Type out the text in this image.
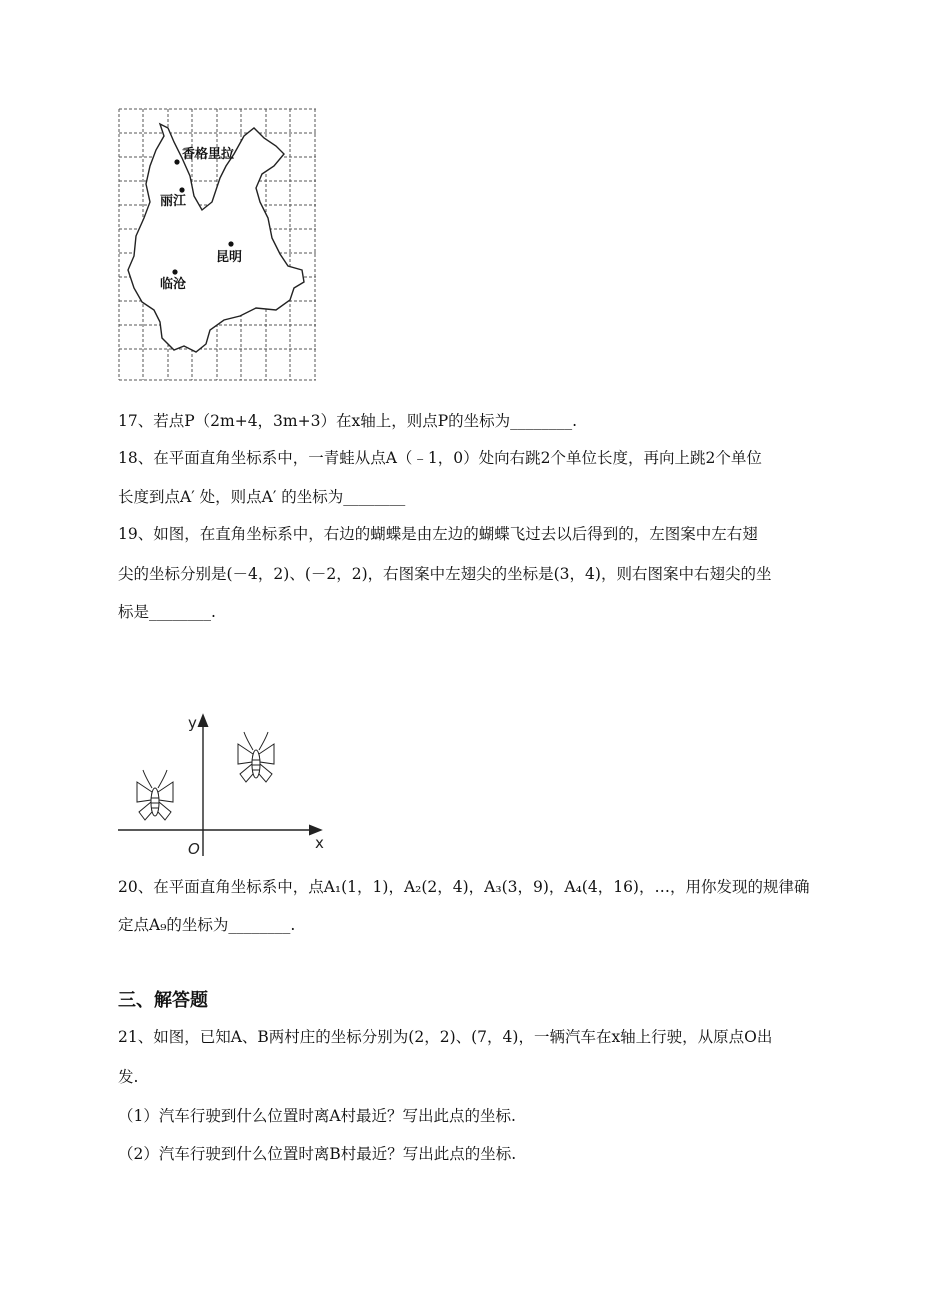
香格里拉
丽江
昆明
临沧
17、若点P（2m+4，3m+3）在x轴上，则点P的坐标为________.
18、在平面直角坐标系中，一青蛙从点A（﹣1，0）处向右跳2个单位长度，再向上跳2个单位
长度到点A′ 处，则点A′ 的坐标为________
19、如图，在直角坐标系中，右边的蝴蝶是由左边的蝴蝶飞过去以后得到的，左图案中左右翅
尖的坐标分别是(－4，2)、(－2，2)，右图案中左翅尖的坐标是(3，4)，则右图案中右翅尖的坐
标是________.
y
x
O
20、在平面直角坐标系中，点A₁(1，1)，A₂(2，4)，A₃(3，9)，A₄(4，16)，…，用你发现的规律确
定点A₉的坐标为________.
三、解答题
21、如图，已知A、B两村庄的坐标分别为(2，2)、(7，4)，一辆汽车在x轴上行驶，从原点O出
发.
（1）汽车行驶到什么位置时离A村最近？写出此点的坐标.
（2）汽车行驶到什么位置时离B村最近？写出此点的坐标.
